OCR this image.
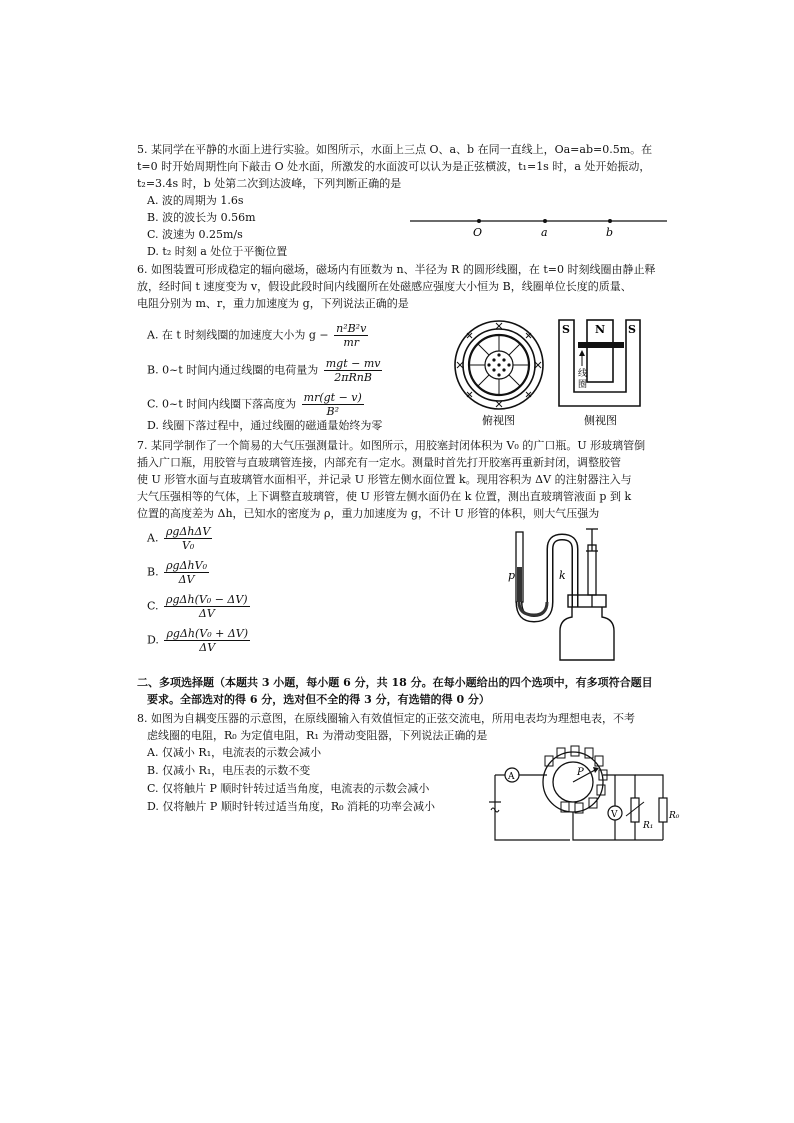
5. 某同学在平静的水面上进行实验。如图所示，水面上三点 O、a、b 在同一直线上，Oa=ab=0.5m。在
t=0 时开始周期性向下敲击 O 处水面，所激发的水面波可以认为是正弦横波，t₁=1s 时，a 处开始振动，
t₂=3.4s 时，b 处第二次到达波峰，下列判断正确的是
A. 波的周期为 1.6s
B. 波的波长为 0.56m
C. 波速为 0.25m/s
D. t₂ 时刻 a 处位于平衡位置
O	a	b
6. 如图装置可形成稳定的辐向磁场，磁场内有匝数为 n、半径为 R 的圆形线圈，在 t=0 时刻线圈由静止释
放，经时间 t 速度变为 v，假设此段时间内线圈所在处磁感应强度大小恒为 B，线圈单位长度的质量、
电阻分别为 m、r，重力加速度为 g，下列说法正确的是
A. 在 t 时刻线圈的加速度大小为 $g - \frac{\text{n²B²v}}{mr}$
B. 0~t 时间内通过线圈的电荷量为 $\frac{\text{mgt − mv}}{\text{2πRnB}}$
C. 0~t 时间内线圈下落高度为 $\frac{mr(gt - v)}{\text{B²}}$
D. 线圈下落过程中，通过线圈的磁通量始终为零	俯视图
S N S
线
圈
侧视图
7. 某同学制作了一个简易的大气压强测量计。如图所示，用胶塞封闭体积为 V₀ 的广口瓶。U 形玻璃管倒
插入广口瓶，用胶管与直玻璃管连接，内部充有一定水。测量时首先打开胶塞再重新封闭，调整胶管
使 U 形管水面与直玻璃管水面相平，并记录 U 形管左侧水面位置 k。现用容积为 ΔV 的注射器注入与
大气压强相等的气体，上下调整直玻璃管，使 U 形管左侧水面仍在 k 位置，测出直玻璃管液面 p 到 k
位置的高度差为 Δh，已知水的密度为 ρ，重力加速度为 g，不计 U 形管的体积，则大气压强为
A. $\frac{\text{ρgΔhΔV}}{\text{V₀}}$
B. $\frac{\text{ρgΔhV₀}}{\Delta V}$
C. $\frac{\text{ρgΔh(V₀ − ΔV)}}{\Delta V}$
D. $\frac{\text{ρgΔh(V₀ + ΔV)}}{\Delta V}$
p	k
二、多项选择题（本题共 3 小题，每小题 6 分，共 18 分。在每小题给出的四个选项中，有多项符合题目
要求。全部选对的得 6 分，选对但不全的得 3 分，有选错的得 0 分）
8. 如图为自耦变压器的示意图，在原线圈输入有效值恒定的正弦交流电，所用电表均为理想电表，不考
虑线圈的电阻，R₀ 为定值电阻，R₁ 为滑动变阻器，下列说法正确的是
A. 仅减小 R₁，电流表的示数会减小
B. 仅减小 R₁，电压表的示数不变
C. 仅将触片 P 顺时针转过适当角度，电流表的示数会减小
D. 仅将触片 P 顺时针转过适当角度，R₀ 消耗的功率会减小
A	P
V
R₁
R₀
